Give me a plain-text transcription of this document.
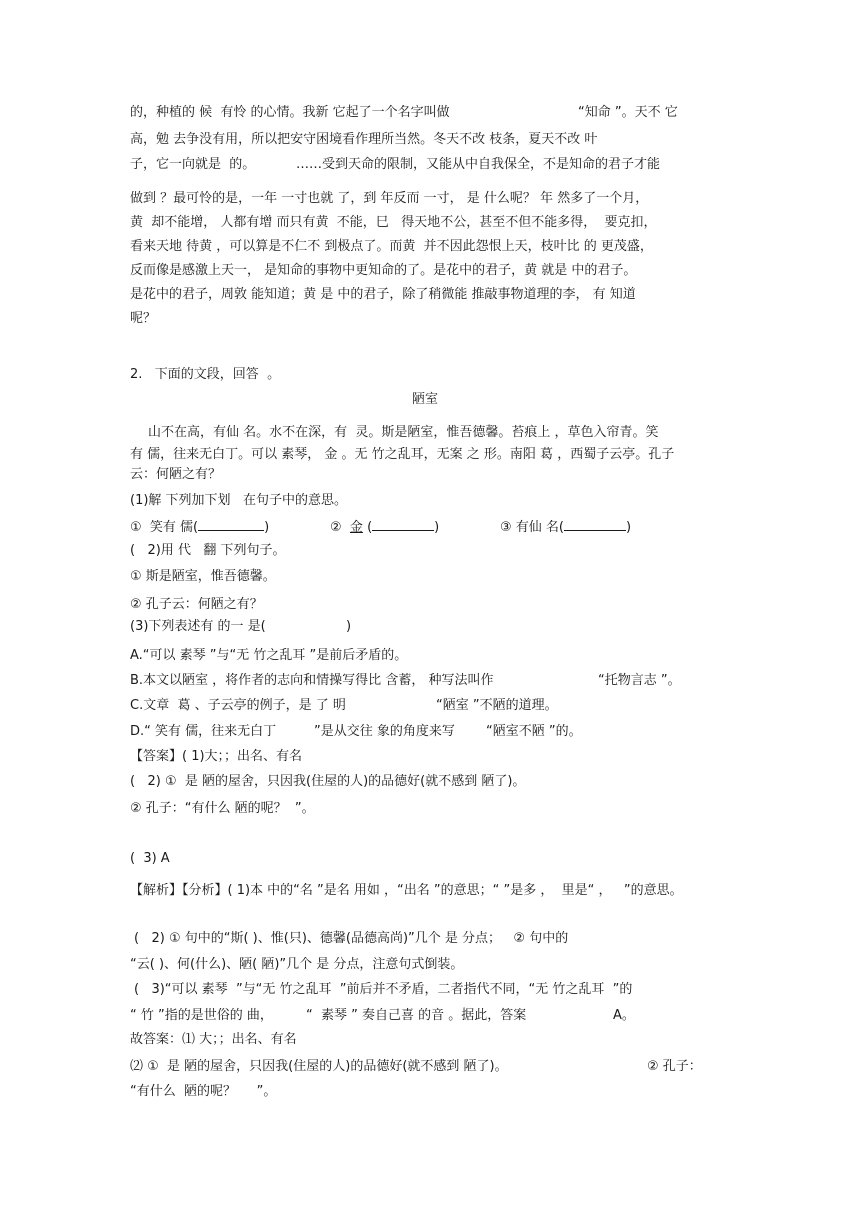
的，种植的 候  有怜 的心情。我新 它起了一个名字叫做	“知命 ”。天不 它
高，勉 去争没有用，所以把安守困境看作理所当然。冬天不改 枝条，夏天不改 叶
子，它一向就是  的。	……受到天命的限制，又能从中自我保全，不是知命的君子才能
做到 ？最可怜的是，一年 一寸也就 了，到 年反而 一寸， 是 什么呢？ 年 然多了一个月，
黄  却不能增， 人都有增 而只有黄  不能，巳   得天地不公，甚至不但不能多得，  要克扣，
看来天地 待黄 ，可以算是不仁不 到极点了。而黄  并不因此怨恨上天，枝叶比 的 更茂盛，
反而像是感激上天一， 是知命的事物中更知命的了。是花中的君子，黄 就是 中的君子。
是花中的君子，周敦 能知道；黄 是 中的君子，除了稍微能 推敲事物道理的李， 有 知道
呢？
2.   下面的文段，回答  。
陋室
山不在高，有仙 名。水不在深，有  灵。斯是陋室，惟吾德馨。苔痕上 ，草色入帘青。笑
有 儒，往来无白丁。可以 素琴， 金 。无 竹之乱耳，无案 之 形。南阳 葛 ，西蜀子云亭。孔子
云：何陋之有？
(1)解 下列加下划   在句子中的意思。
①  笑有 儒(	)	②  金 (	)	③ 有仙 名(	)
(   2)用 代   翻 下列句子。
① 斯是陋室，惟吾德馨。
② 孔子云：何陋之有？
(3)下列表述有 的一 是(	)
A.“可以 素琴 ”与“无 竹之乱耳 ”是前后矛盾的。
B.本文以陋室 ，将作者的志向和情操写得比 含蓄， 种写法叫作	“托物言志 ”。
C.文章  葛 、子云亭的例子，是 了 明	“陋室 ”不陋的道理。
D.“ 笑有 儒，往来无白丁	”是从交往 象的角度来写 “陋室不陋 ”的。
【答案】( 1)大；；出名、有名
(   2) ①  是 陋的屋舍，只因我(住屋的人)的品德好(就不感到 陋了)。
② 孔子：“有什么 陋的呢？  ”。
(  3) A
【解析】【分析】( 1)本 中的“名 ”是名 用如 ，“出名 ”的意思；“ ”是多 ，  里是“ ，   ”的意思。
(   2) ① 句中的“斯( )、惟(只)、德馨(品德高尚)”几个 是 分点；   ② 句中的
“云( )、何(什么)、陋( 陋)”几个 是 分点，注意句式倒装。
(   3)“可以 素琴  ”与“无 竹之乱耳  ”前后并不矛盾，二者指代不同，“无 竹之乱耳  ”的
“ 竹 ”指的是世俗的 曲，	“  素琴 ” 奏自己喜 的音 。据此，答案	A。
故答案：⑴ 大；；出名、有名
⑵ ①  是 陋的屋舍，只因我(住屋的人)的品德好(就不感到 陋了)。	② 孔子：
“有什么  陋的呢？     ”。
